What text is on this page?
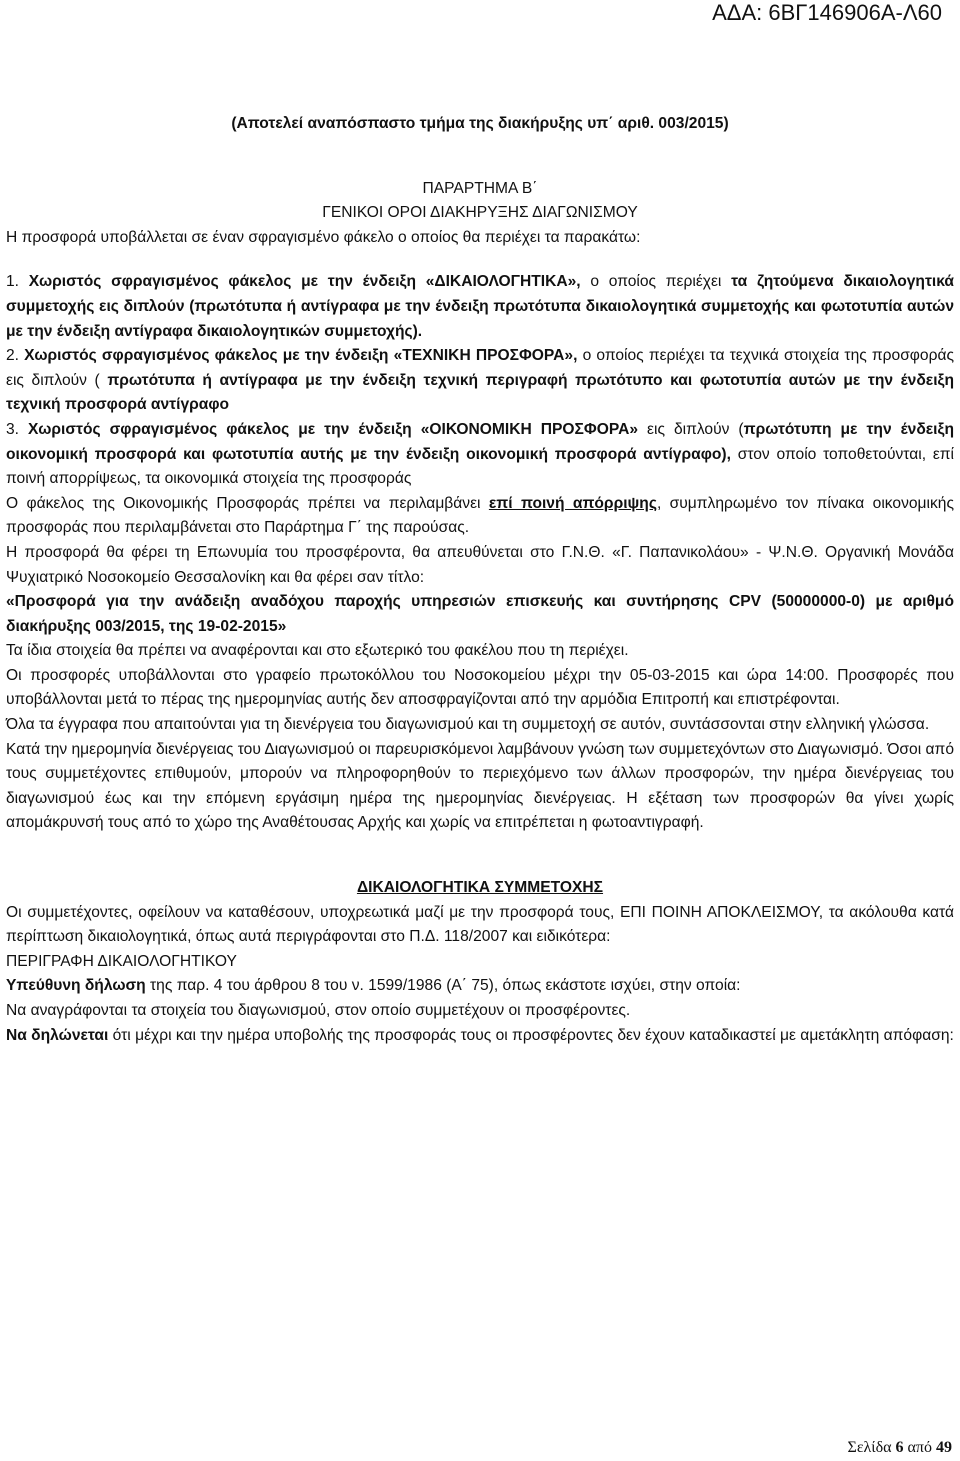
ΑΔΑ: 6ΒΓ146906Α-Λ60

(Αποτελεί αναπόσπαστο τμήμα της διακήρυξης υπ΄ αριθ. 003/2015)

ΠΑΡΑΡΤΗΜΑ Β΄

ΓΕΝΙΚΟΙ ΟΡΟΙ ΔΙΑΚΗΡΥΞΗΣ ΔΙΑΓΩΝΙΣΜΟΥ

Η προσφορά υποβάλλεται σε έναν σφραγισμένο φάκελο ο οποίος θα περιέχει τα παρακάτω:

1. Χωριστός σφραγισμένος φάκελος με την ένδειξη «ΔΙΚΑΙΟΛΟΓΗΤΙΚΑ», ο οποίος περιέχει τα ζητούμενα δικαιολογητικά συμμετοχής εις διπλούν (πρωτότυπα ή αντίγραφα με την ένδειξη πρωτότυπα δικαιολογητικά συμμετοχής και φωτοτυπία αυτών με την ένδειξη αντίγραφα δικαιολογητικών συμμετοχής).

2. Χωριστός σφραγισμένος φάκελος με την ένδειξη «ΤΕΧΝΙΚΗ ΠΡΟΣΦΟΡΑ», ο οποίος περιέχει τα τεχνικά στοιχεία της προσφοράς εις διπλούν ( πρωτότυπα ή αντίγραφα με την ένδειξη τεχνική περιγραφή πρωτότυπο και φωτοτυπία αυτών με την ένδειξη τεχνική προσφορά αντίγραφο

3. Χωριστός σφραγισμένος φάκελος με την ένδειξη «ΟΙΚΟΝΟΜΙΚΗ ΠΡΟΣΦΟΡΑ» εις διπλούν (πρωτότυπη με την ένδειξη οικονομική προσφορά και φωτοτυπία αυτής με την ένδειξη οικονομική προσφορά αντίγραφο), στον οποίο τοποθετούνται, επί ποινή απορρίψεως, τα οικονομικά στοιχεία της προσφοράς

Ο φάκελος της Οικονομικής Προσφοράς πρέπει να περιλαμβάνει επί ποινή απόρριψης, συμπληρωμένο τον πίνακα οικονομικής προσφοράς που περιλαμβάνεται στο Παράρτημα Γ΄ της παρούσας.

Η προσφορά θα φέρει τη Επωνυμία του προσφέροντα, θα απευθύνεται στο Γ.Ν.Θ. «Γ. Παπανικολάου» - Ψ.Ν.Θ. Οργανική Μονάδα Ψυχιατρικό Νοσοκομείο Θεσσαλονίκη και θα φέρει σαν τίτλο:

«Προσφορά για την ανάδειξη αναδόχου παροχής υπηρεσιών επισκευής και συντήρησης CPV (50000000-0) με αριθμό διακήρυξης 003/2015, της 19-02-2015»

Τα ίδια στοιχεία θα πρέπει να αναφέρονται και στο εξωτερικό του φακέλου που τη περιέχει.

Οι προσφορές υποβάλλονται στο γραφείο πρωτοκόλλου του Νοσοκομείου μέχρι την 05-03-2015 και ώρα 14:00. Προσφορές που υποβάλλονται μετά το πέρας της ημερομηνίας αυτής δεν αποσφραγίζονται από την αρμόδια Επιτροπή και επιστρέφονται.

Όλα τα έγγραφα που απαιτούνται για τη διενέργεια του διαγωνισμού και τη συμμετοχή σε αυτόν, συντάσσονται στην ελληνική γλώσσα.

Κατά την ημερομηνία διενέργειας του Διαγωνισμού οι παρευρισκόμενοι λαμβάνουν γνώση των συμμετεχόντων στο Διαγωνισμό. Όσοι από τους συμμετέχοντες επιθυμούν, μπορούν να πληροφορηθούν το περιεχόμενο των άλλων προσφορών, την ημέρα διενέργειας του διαγωνισμού έως και την επόμενη εργάσιμη ημέρα της ημερομηνίας διενέργειας. Η εξέταση των προσφορών θα γίνει χωρίς απομάκρυνσή τους από το χώρο της Αναθέτουσας Αρχής και χωρίς να επιτρέπεται η φωτοαντιγραφή.

ΔΙΚΑΙΟΛΟΓΗΤΙΚΑ ΣΥΜΜΕΤΟΧΗΣ

Οι συμμετέχοντες, οφείλουν να καταθέσουν, υποχρεωτικά μαζί με την προσφορά τους, ΕΠΙ ΠΟΙΝΗ ΑΠΟΚΛΕΙΣΜΟΥ, τα ακόλουθα κατά περίπτωση δικαιολογητικά, όπως αυτά περιγράφονται στο Π.Δ. 118/2007 και ειδικότερα:

ΠΕΡΙΓΡΑΦΗ ΔΙΚΑΙΟΛΟΓΗΤΙΚΟΥ

Υπεύθυνη δήλωση της παρ. 4 του άρθρου 8 του ν. 1599/1986 (Α΄ 75), όπως εκάστοτε ισχύει, στην οποία:

Να αναγράφονται τα στοιχεία του διαγωνισμού, στον οποίο συμμετέχουν οι προσφέροντες.

Να δηλώνεται ότι μέχρι και την ημέρα υποβολής της προσφοράς τους οι προσφέροντες δεν έχουν καταδικαστεί με αμετάκλητη απόφαση:

Σελίδα 6 από 49
